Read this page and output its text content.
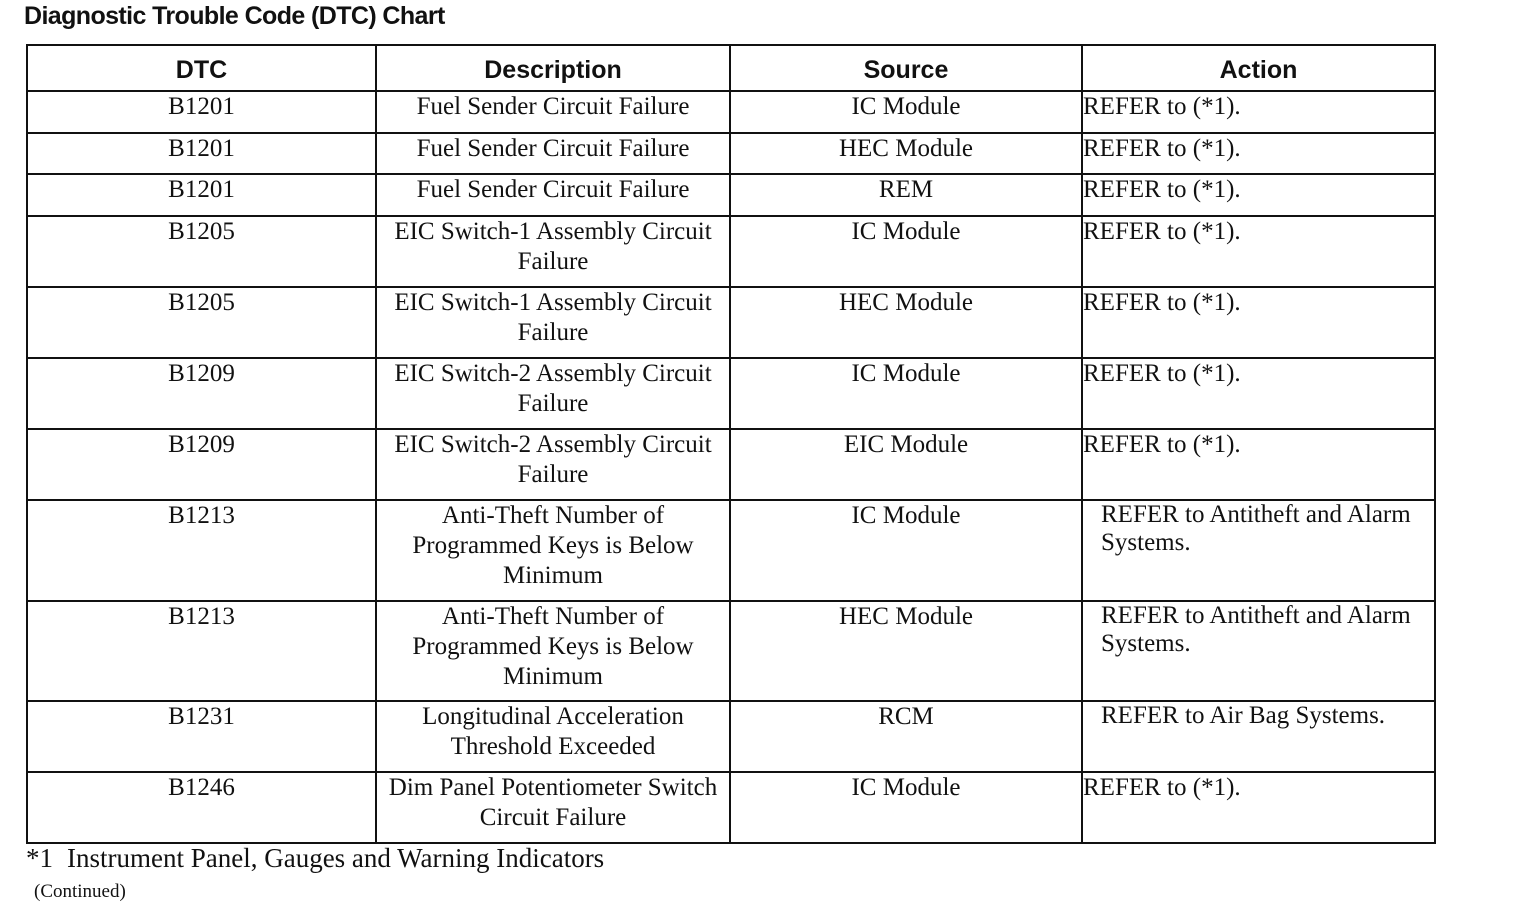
Diagnostic Trouble Code (DTC) Chart
DTC	Description	Source	Action
B1201	Fuel Sender Circuit Failure	IC Module	REFER to (*1).
B1201	Fuel Sender Circuit Failure	HEC Module	REFER to (*1).
B1201	Fuel Sender Circuit Failure	REM	REFER to (*1).
B1205	EIC Switch-1 Assembly Circuit Failure	IC Module	REFER to (*1).
B1205	EIC Switch-1 Assembly Circuit Failure	HEC Module	REFER to (*1).
B1209	EIC Switch-2 Assembly Circuit Failure	IC Module	REFER to (*1).
B1209	EIC Switch-2 Assembly Circuit Failure	EIC Module	REFER to (*1).
B1213	Anti-Theft Number of Programmed Keys is Below Minimum	IC Module	REFER to Antitheft and Alarm Systems.
B1213	Anti-Theft Number of Programmed Keys is Below Minimum	HEC Module	REFER to Antitheft and Alarm Systems.
B1231	Longitudinal Acceleration Threshold Exceeded	RCM	REFER to Air Bag Systems.
B1246	Dim Panel Potentiometer Switch Circuit Failure	IC Module	REFER to (*1).
*1 Instrument Panel, Gauges and Warning Indicators
(Continued)
